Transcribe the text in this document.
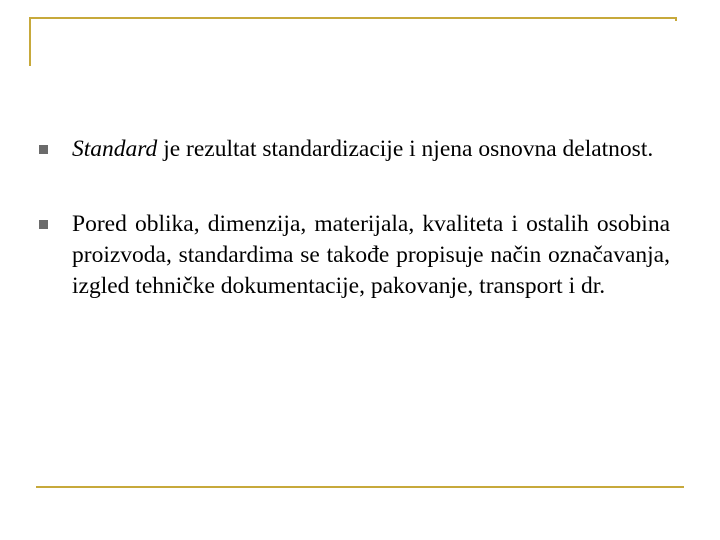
Standard je rezultat standardizacije i njena osnovna delatnost.
Pored oblika, dimenzija, materijala, kvaliteta i ostalih osobina proizvoda, standardima se takođe propisuje način označavanja, izgled tehničke dokumentacije, pakovanje, transport i dr.
